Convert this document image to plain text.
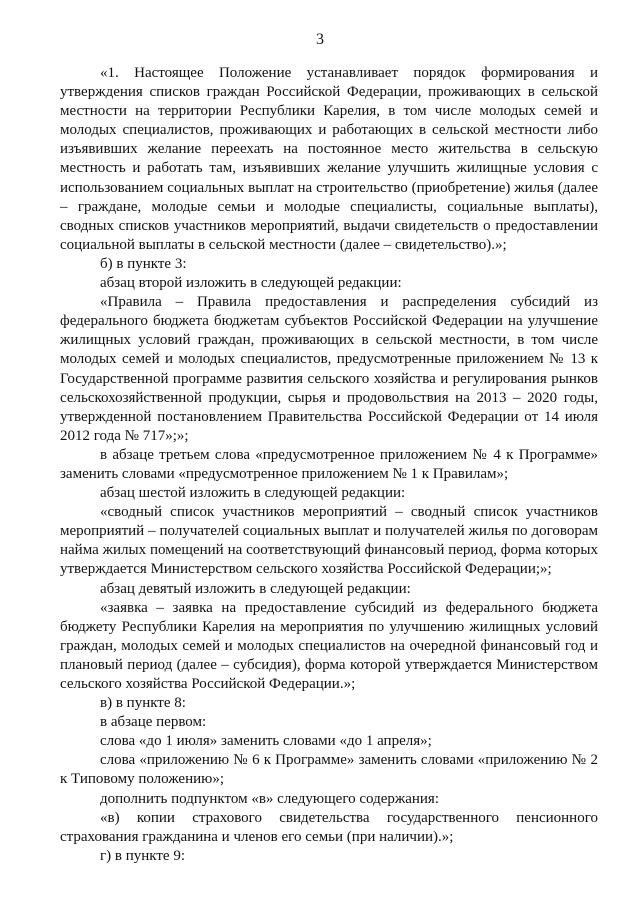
3

«1. Настоящее Положение устанавливает порядок формирования и утверждения списков граждан Российской Федерации, проживающих в сельской местности на территории Республики Карелия, в том числе молодых семей и молодых специалистов, проживающих и работающих в сельской местности либо изъявивших желание переехать на постоянное место жительства в сельскую местность и работать там, изъявивших желание улучшить жилищные условия с использованием социальных выплат на строительство (приобретение) жилья (далее – граждане, молодые семьи и молодые специалисты, социальные выплаты), сводных списков участников мероприятий, выдачи свидетельств о предоставлении социальной выплаты в сельской местности (далее – свидетельство).»;

б) в пункте 3:

абзац второй изложить в следующей редакции:

«Правила – Правила предоставления и распределения субсидий из федерального бюджета бюджетам субъектов Российской Федерации на улучшение жилищных условий граждан, проживающих в сельской местности, в том числе молодых семей и молодых специалистов, предусмотренные приложением № 13 к Государственной программе развития сельского хозяйства и регулирования рынков сельскохозяйственной продукции, сырья и продовольствия на 2013 – 2020 годы, утвержденной постановлением Правительства Российской Федерации от 14 июля 2012 года № 717»;»;

в абзаце третьем слова «предусмотренное приложением № 4 к Программе» заменить словами «предусмотренное приложением № 1 к Правилам»;

абзац шестой изложить в следующей редакции:

«сводный список участников мероприятий – сводный список участников мероприятий – получателей социальных выплат и получателей жилья по договорам найма жилых помещений на соответствующий финансовый период, форма которых утверждается Министерством сельского хозяйства Российской Федерации;»;

абзац девятый изложить в следующей редакции:

«заявка – заявка на предоставление субсидий из федерального бюджета бюджету Республики Карелия на мероприятия по улучшению жилищных условий граждан, молодых семей и молодых специалистов на очередной финансовый год и плановый период (далее – субсидия), форма которой утверждается Министерством сельского хозяйства Российской Федерации.»;

в) в пункте 8:

в абзаце первом:

слова «до 1 июля» заменить словами «до 1 апреля»;

слова «приложению № 6 к Программе» заменить словами «приложению № 2 к Типовому положению»;

дополнить подпунктом «в» следующего содержания:

«в) копии страхового свидетельства государственного пенсионного страхования гражданина и членов его семьи (при наличии).»;

г) в пункте 9:
